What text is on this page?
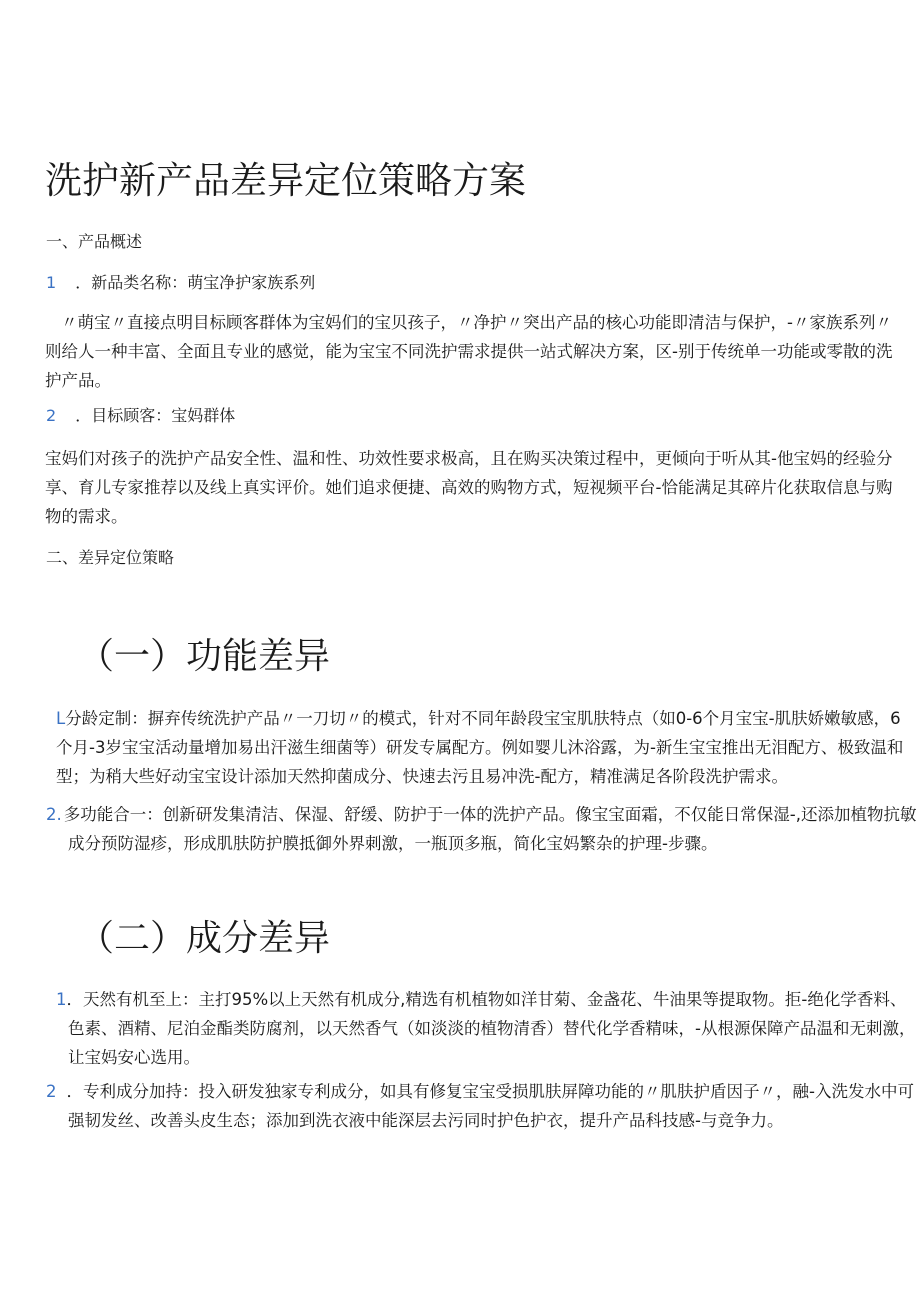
洗护新产品差异定位策略方案
一、产品概述
1 ．新品类名称：萌宝净护家族系列

〃萌宝〃直接点明目标顾客群体为宝妈们的宝贝孩子，〃净护〃突出产品的核心功能即清洁与保护，-〃家族系列〃则给人一种丰富、全面且专业的感觉，能为宝宝不同洗护需求提供一站式解决方案，区-别于传统单一功能或零散的洗护产品。

2 ．目标顾客：宝妈群体

宝妈们对孩子的洗护产品安全性、温和性、功效性要求极高，且在购买决策过程中，更倾向于听从其-他宝妈的经验分享、育儿专家推荐以及线上真实评价。她们追求便捷、高效的购物方式，短视频平台-恰能满足其碎片化获取信息与购物的需求。

二、差异定位策略
（一）功能差异

L分龄定制：摒弃传统洗护产品〃一刀切〃的模式，针对不同年龄段宝宝肌肤特点（如0-6个月宝宝-肌肤娇嫩敏感，6个月-3岁宝宝活动量增加易出汗滋生细菌等）研发专属配方。例如婴儿沐浴露，为-新生宝宝推出无泪配方、极致温和型；为稍大些好动宝宝设计添加天然抑菌成分、快速去污且易冲洗-配方，精准满足各阶段洗护需求。

2. 多功能合一：创新研发集清洁、保湿、舒缓、防护于一体的洗护产品。像宝宝面霜，不仅能日常保湿-,还添加植物抗敏成分预防湿疹，形成肌肤防护膜抵御外界刺激，一瓶顶多瓶，简化宝妈繁杂的护理-步骤。

（二）成分差异

1．天然有机至上：主打95%以上天然有机成分,精选有机植物如洋甘菊、金盏花、牛油果等提取物。拒-绝化学香料、色素、酒精、尼泊金酯类防腐剂，以天然香气（如淡淡的植物清香）替代化学香精味，-从根源保障产品温和无刺激，让宝妈安心选用。

2 ．专利成分加持：投入研发独家专利成分，如具有修复宝宝受损肌肤屏障功能的〃肌肤护盾因子〃，融-入洗发水中可强韧发丝、改善头皮生态；添加到洗衣液中能深层去污同时护色护衣，提升产品科技感-与竞争力。
